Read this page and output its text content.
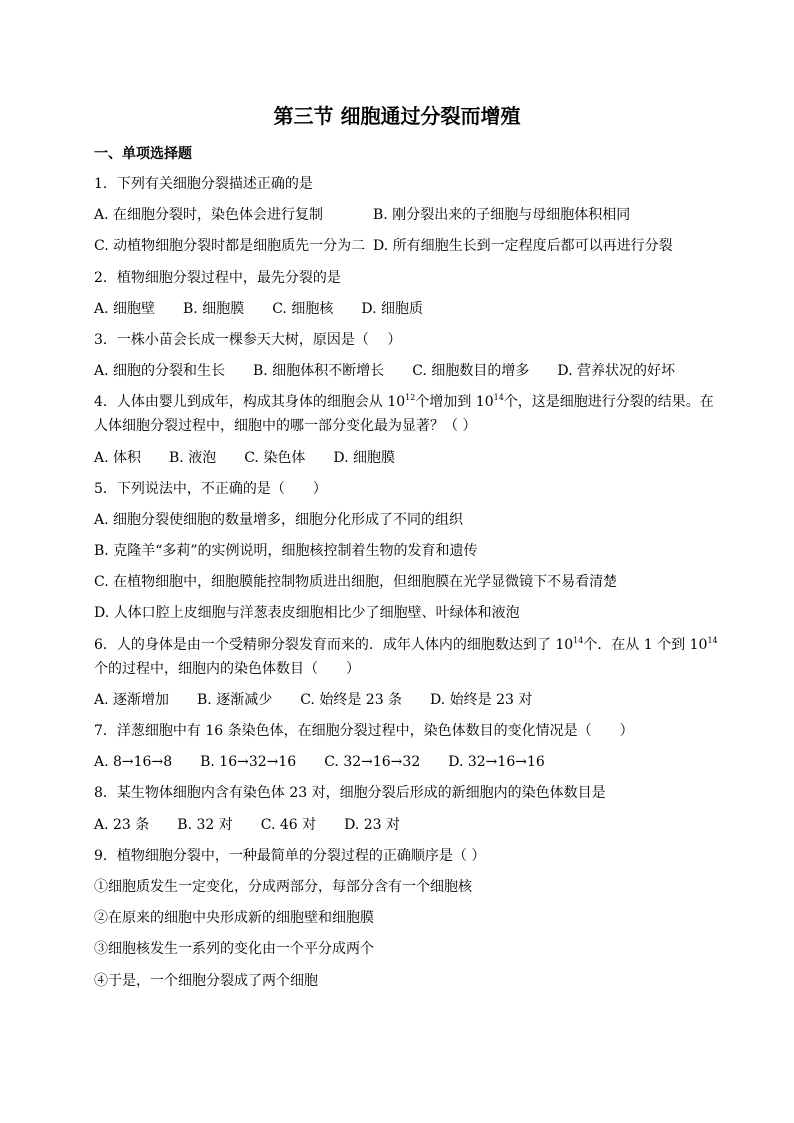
第三节 细胞通过分裂而增殖
一、单项选择题
1．下列有关细胞分裂描述正确的是
A. 在细胞分裂时，染色体会进行复制	B. 刚分裂出来的子细胞与母细胞体积相同
C. 动植物细胞分裂时都是细胞质先一分为二 D. 所有细胞生长到一定程度后都可以再进行分裂
2．植物细胞分裂过程中，最先分裂的是
A. 细胞壁 B. 细胞膜 C. 细胞核 D. 细胞质
3．一株小苗会长成一棵参天大树，原因是（　 ）
A. 细胞的分裂和生长 B. 细胞体积不断增长 C. 细胞数目的增多 D. 营养状况的好坏
4．人体由婴儿到成年，构成其身体的细胞会从 $10^{12}$个增加到 $10^{14}$个，这是细胞进行分裂的结果。在
人体细胞分裂过程中，细胞中的哪一部分变化最为显著？（ ）
A. 体积 B. 液泡 C. 染色体 D. 细胞膜
5．下列说法中，不正确的是（　　）
A. 细胞分裂使细胞的数量增多，细胞分化形成了不同的组织
B. 克隆羊“多莉”的实例说明，细胞核控制着生物的发育和遗传
C. 在植物细胞中，细胞膜能控制物质进出细胞，但细胞膜在光学显微镜下不易看清楚
D. 人体口腔上皮细胞与洋葱表皮细胞相比少了细胞壁、叶绿体和液泡
6．人的身体是由一个受精卵分裂发育而来的．成年人体内的细胞数达到了 $10^{14}$个．在从 1 个到 $10^{14}$
个的过程中，细胞内的染色体数目（　　）
A. 逐渐增加 B. 逐渐减少 C. 始终是 23 条 D. 始终是 23 对
7．洋葱细胞中有 16 条染色体，在细胞分裂过程中，染色体数目的变化情况是（　　）
A. 8→16→8 B. 16→32→16 C. 32→16→32 D. 32→16→16
8．某生物体细胞内含有染色体 23 对，细胞分裂后形成的新细胞内的染色体数目是
A. 23 条 B. 32 对 C. 46 对 D. 23 对
9．植物细胞分裂中，一种最简单的分裂过程的正确顺序是（ ）
①细胞质发生一定变化，分成两部分，每部分含有一个细胞核
②在原来的细胞中央形成新的细胞壁和细胞膜
③细胞核发生一系列的变化由一个平分成两个
④于是，一个细胞分裂成了两个细胞
